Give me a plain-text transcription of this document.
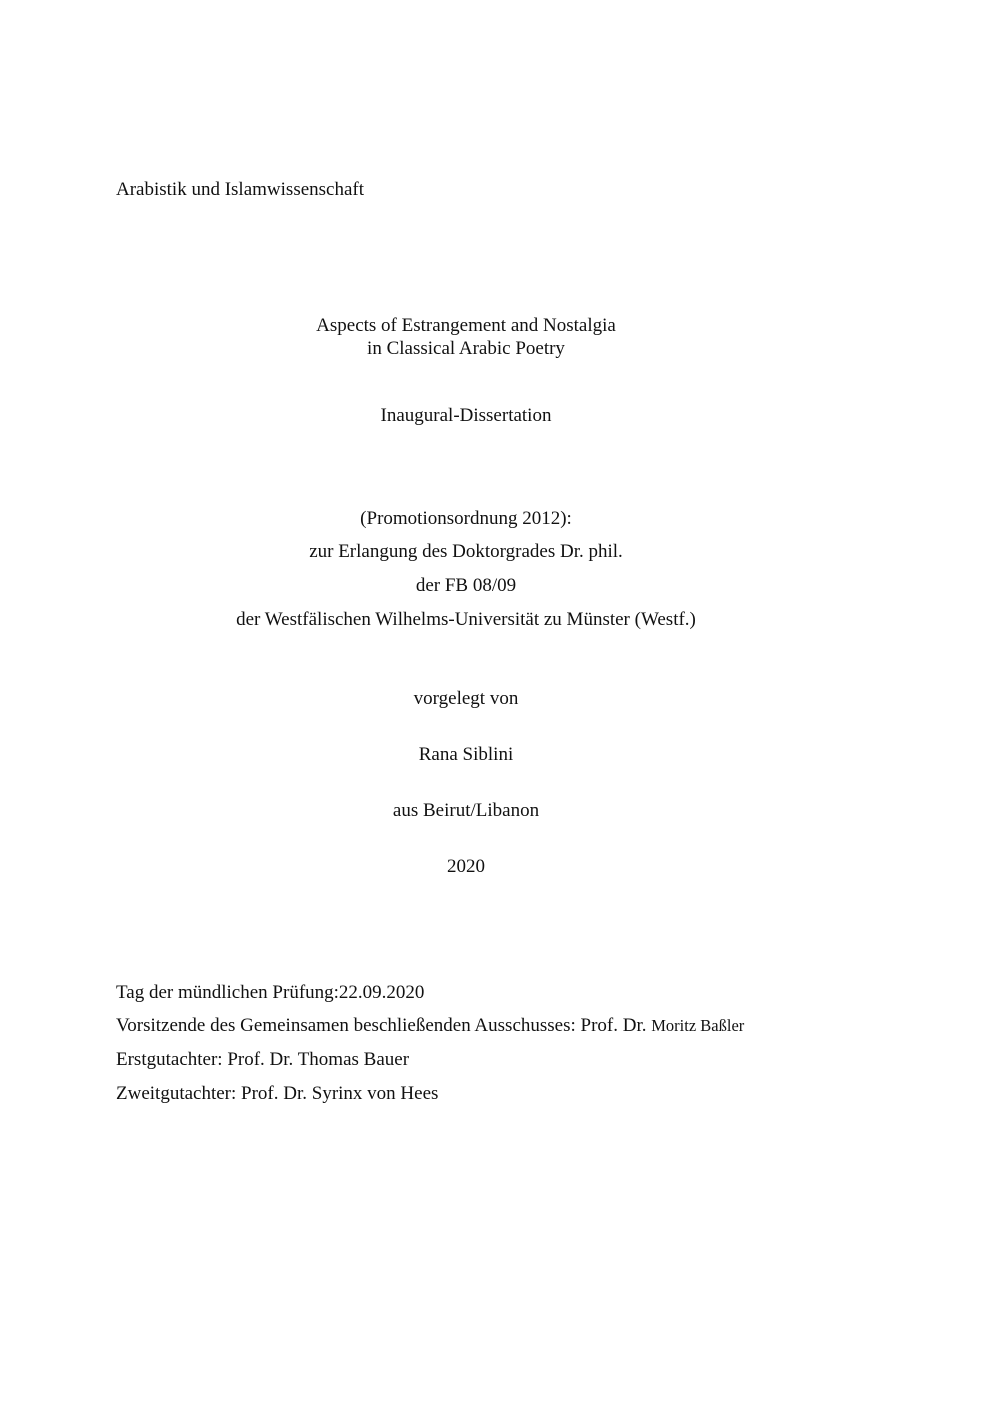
Arabistik und Islamwissenschaft
Aspects of Estrangement and Nostalgia
in Classical Arabic Poetry
Inaugural-Dissertation
(Promotionsordnung 2012):
zur Erlangung des Doktorgrades Dr. phil.
der FB 08/09
der Westfälischen Wilhelms-Universität zu Münster (Westf.)
vorgelegt von
Rana Siblini
aus Beirut/Libanon
2020
Tag der mündlichen Prüfung:22.09.2020
Vorsitzende des Gemeinsamen beschließenden Ausschusses: Prof. Dr. Moritz Baßler
Erstgutachter: Prof. Dr. Thomas Bauer
Zweitgutachter: Prof. Dr. Syrinx von Hees
